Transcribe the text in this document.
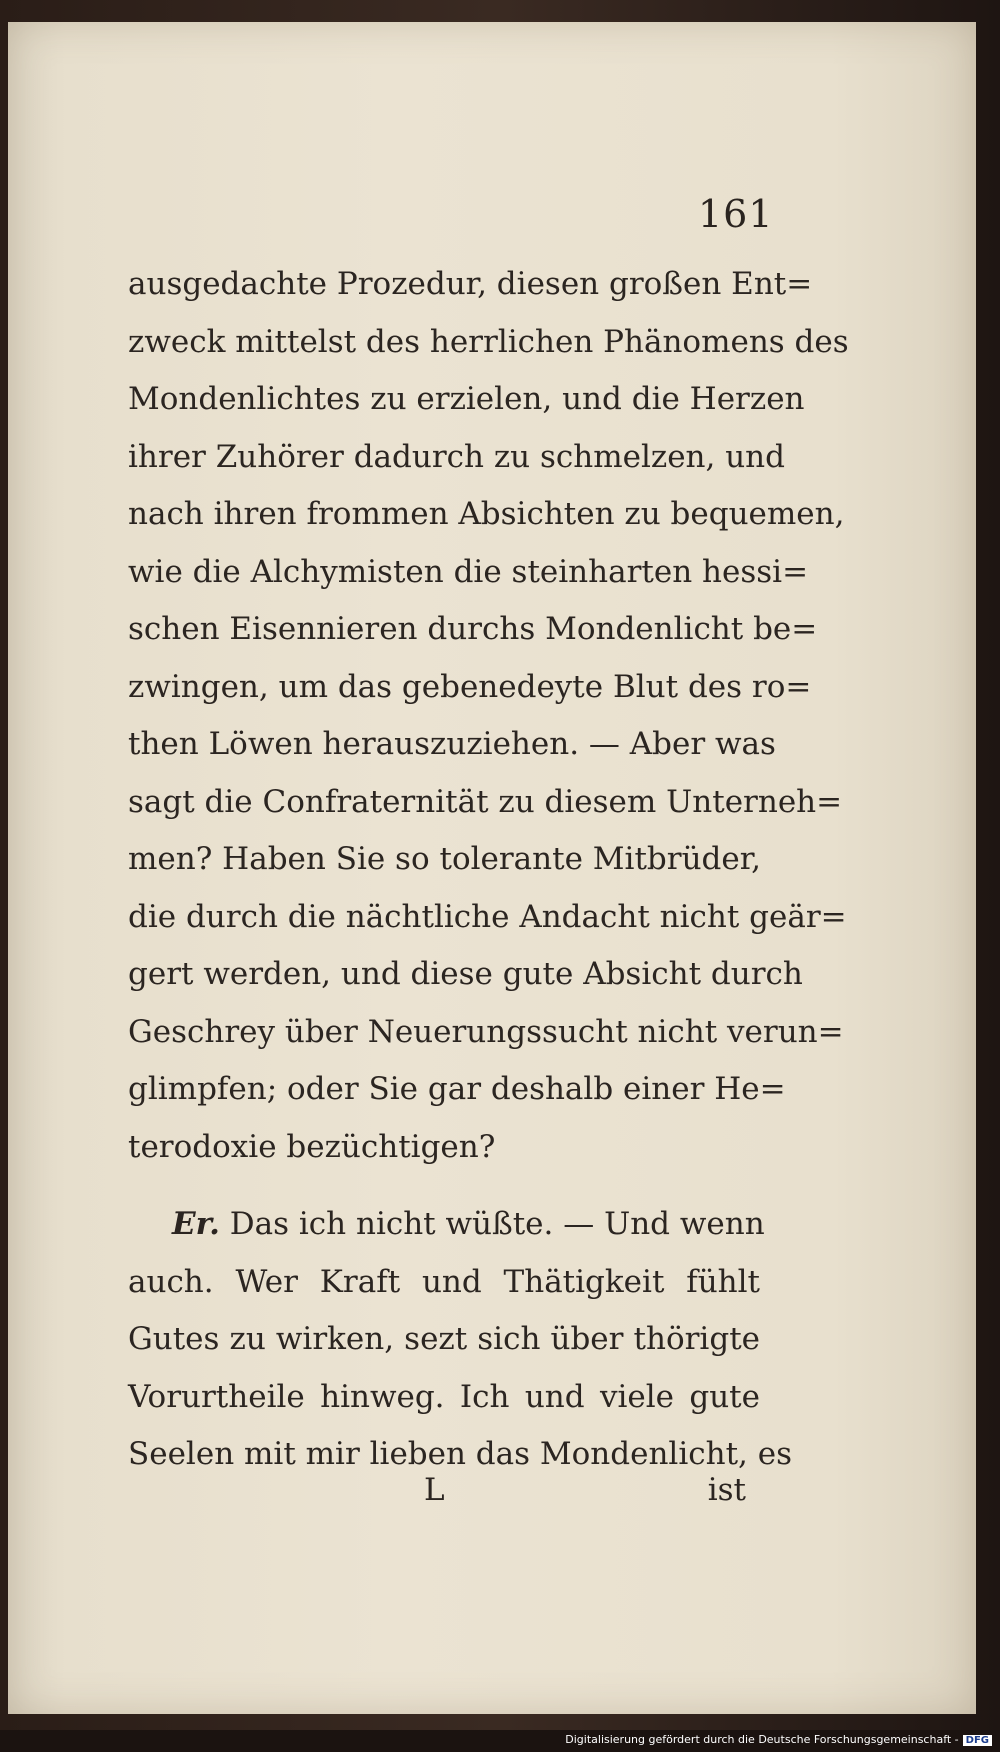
161
ausgedachte Prozedur, diesen großen Ent=
zweck mittelst des herrlichen Phänomens des
Mondenlichtes zu erzielen, und die Herzen
ihrer Zuhörer dadurch zu schmelzen, und
nach ihren frommen Absichten zu bequemen,
wie die Alchymisten die steinharten hessi=
schen Eisennieren durchs Mondenlicht be=
zwingen, um das gebenedeyte Blut des ro=
then Löwen herauszuziehen. — Aber was
sagt die Confraternität zu diesem Unterneh=
men? Haben Sie so tolerante Mitbrüder,
die durch die nächtliche Andacht nicht geär=
gert werden, und diese gute Absicht durch
Geschrey über Neuerungssucht nicht verun=
glimpfen; oder Sie gar deshalb einer He=
terodoxie bezüchtigen?
Er. Das ich nicht wüßte. — Und wenn
auch. Wer Kraft und Thätigkeit fühlt
Gutes zu wirken, sezt sich über thörigte
Vorurtheile hinweg. Ich und viele gute
Seelen mit mir lieben das Mondenlicht, es
L	ist
Digitalisierung gefördert durch die Deutsche Forschungsgemeinschaft - DFG
